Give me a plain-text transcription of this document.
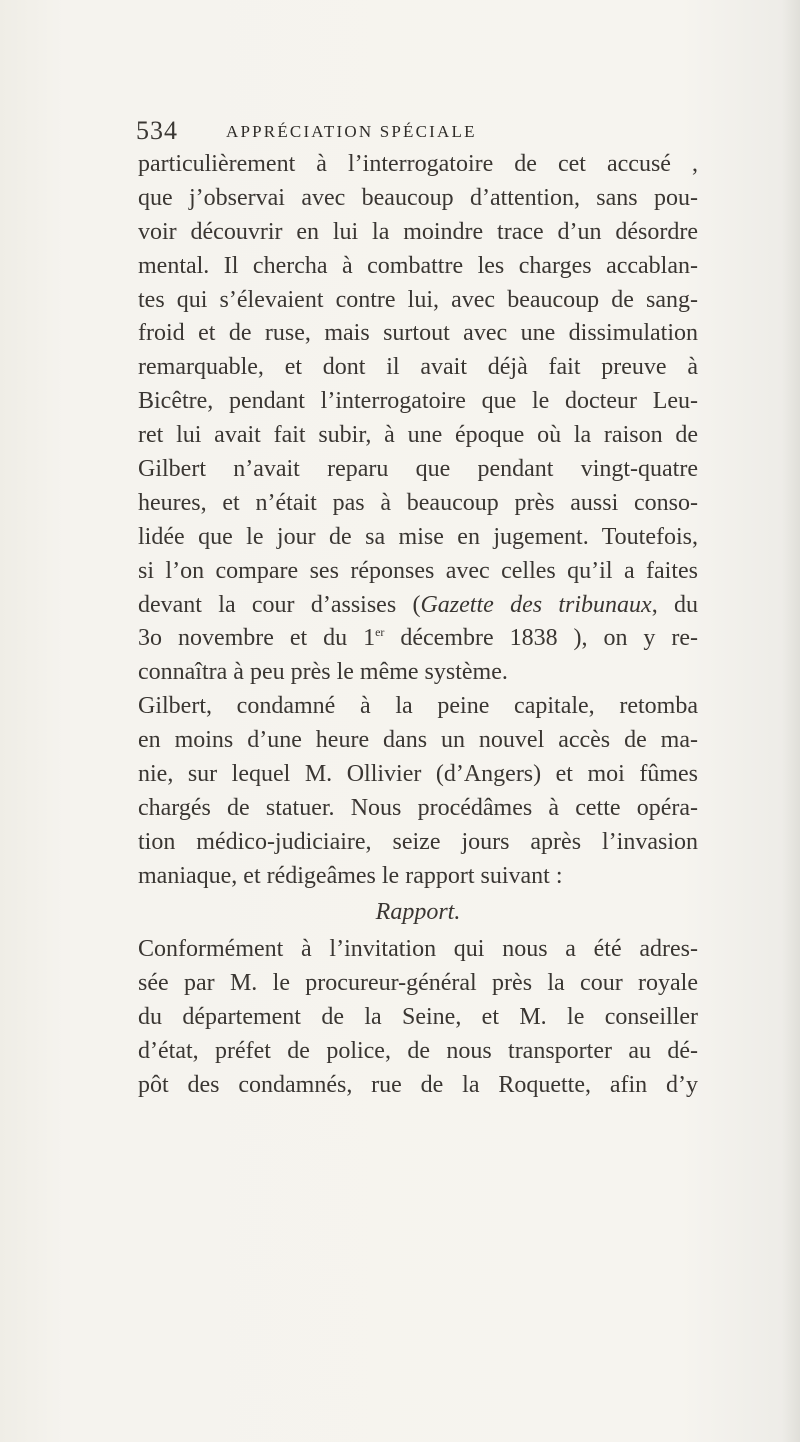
534	APPRÉCIATION SPÉCIALE
particulièrement à l’interrogatoire de cet accusé ,
que j’observai avec beaucoup d’attention, sans pou-
voir découvrir en lui la moindre trace d’un désordre
mental. Il chercha à combattre les charges accablan-
tes qui s’élevaient contre lui, avec beaucoup de sang-
froid et de ruse, mais surtout avec une dissimulation
remarquable, et dont il avait déjà fait preuve à
Bicêtre, pendant l’interrogatoire que le docteur Leu-
ret lui avait fait subir, à une époque où la raison de
Gilbert n’avait reparu que pendant vingt-quatre
heures, et n’était pas à beaucoup près aussi conso-
lidée que le jour de sa mise en jugement. Toutefois,
si l’on compare ses réponses avec celles qu’il a faites
devant la cour d’assises (Gazette des tribunaux, du
3o novembre et du 1er décembre 1838 ), on y re-
connaîtra à peu près le même système.
Gilbert, condamné à la peine capitale, retomba
en moins d’une heure dans un nouvel accès de ma-
nie, sur lequel M. Ollivier (d’Angers) et moi fûmes
chargés de statuer. Nous procédâmes à cette opéra-
tion médico-judiciaire, seize jours après l’invasion
maniaque, et rédigeâmes le rapport suivant :
Rapport.
Conformément à l’invitation qui nous a été adres-
sée par M. le procureur-général près la cour royale
du département de la Seine, et M. le conseiller
d’état, préfet de police, de nous transporter au dé-
pôt des condamnés, rue de la Roquette, afin d’y
